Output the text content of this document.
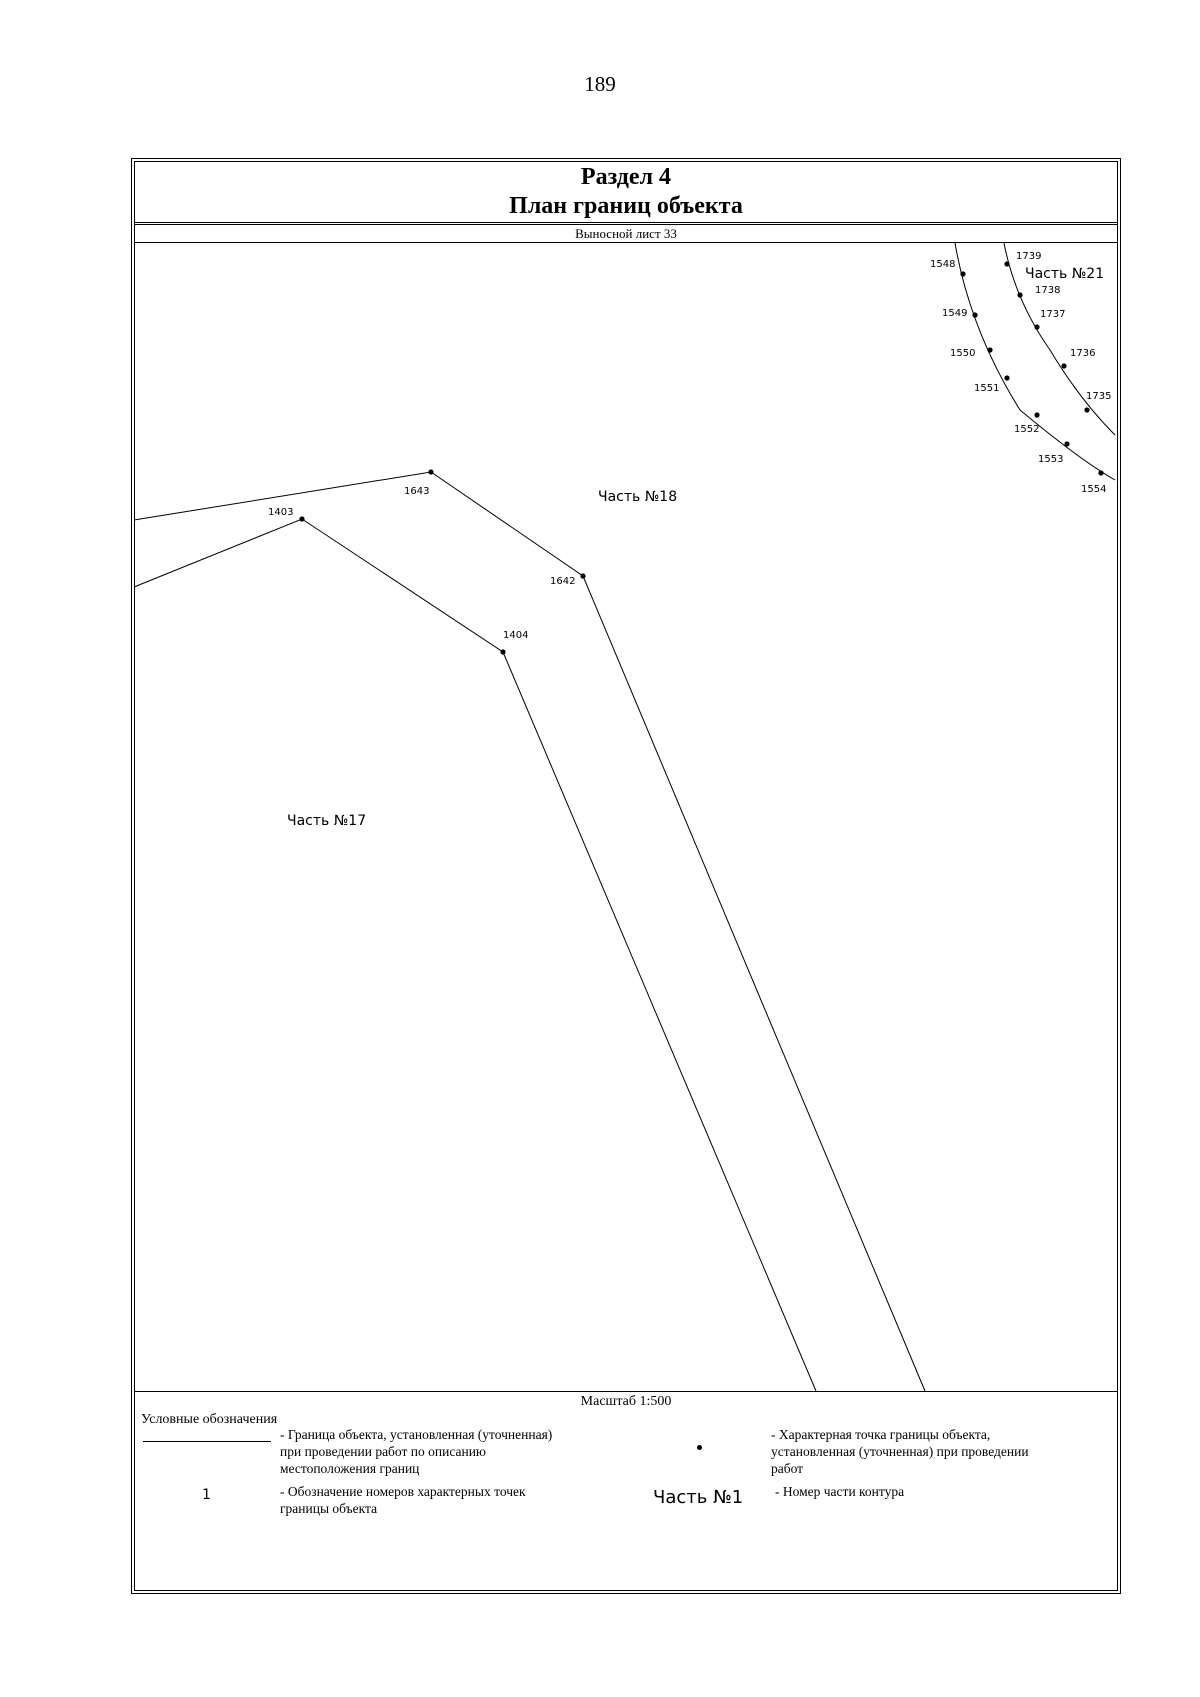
189
Раздел 4
План границ объекта
Выносной лист 33
1403
1643
1642
1404
1548
1549
1550
1551
1552
1553
1554
1739
1738
1737
1736
1735
Часть №18
Часть №17
Часть №21
Масштаб 1:500
Условные обозначения
- Граница объекта, установленная (уточненная)
при проведении работ по описанию
местоположения границ
- Характерная точка границы объекта,
установленная (уточненная) при проведении
работ
1	- Обозначение номеров характерных точек
границы объекта
Часть №1 - Номер части контура
